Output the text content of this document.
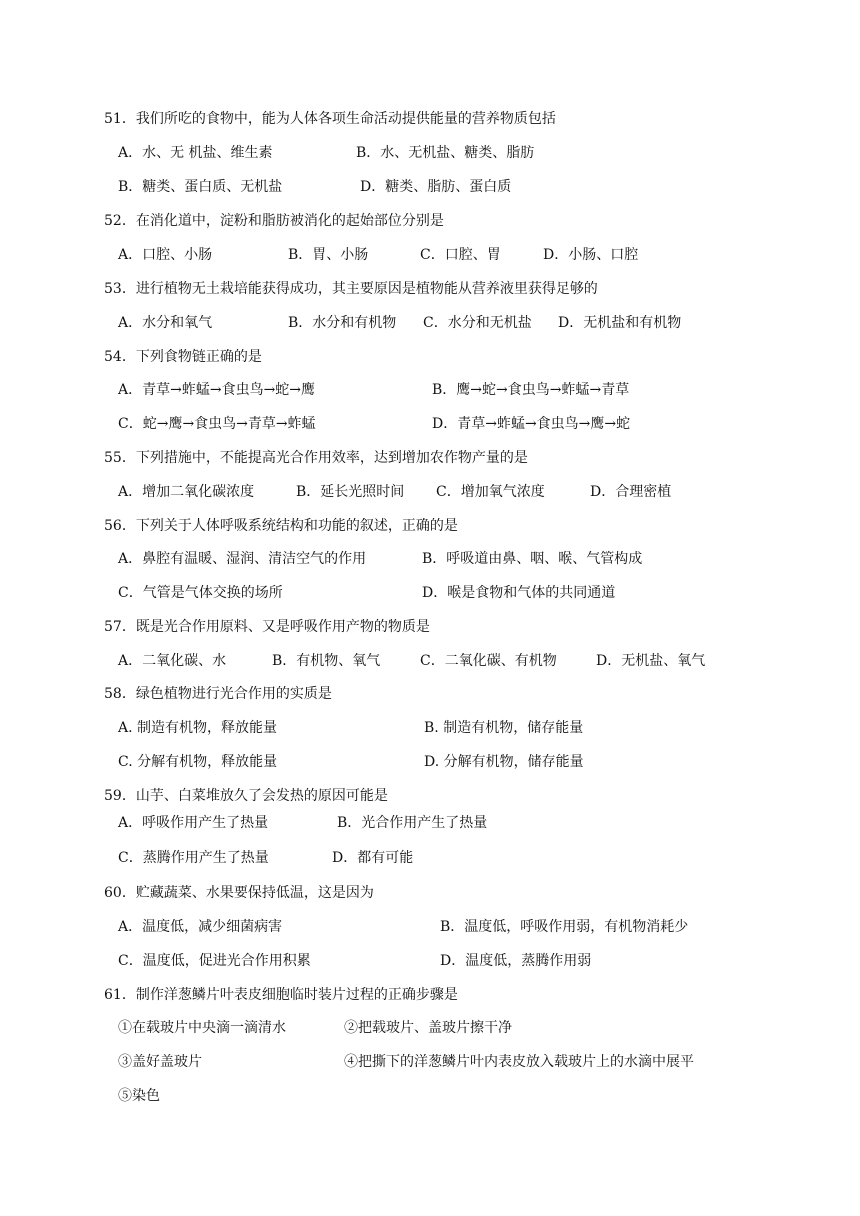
51．我们所吃的食物中，能为人体各项生命活动提供能量的营养物质包括
A．水、无 机盐、维生素	B．水、无机盐、糖类、脂肪
B．糖类、蛋白质、无机盐	D．糖类、脂肪、蛋白质
52．在消化道中，淀粉和脂肪被消化的起始部位分别是
A．口腔、小肠	B．胃、小肠	C．口腔、胃	D．小肠、口腔
53．进行植物无土栽培能获得成功，其主要原因是植物能从营养液里获得足够的
A．水分和氧气	B．水分和有机物 C．水分和无机盐 D．无机盐和有机物
54．下列食物链正确的是
A．青草→蚱蜢→食虫鸟→蛇→鹰	B．鹰→蛇→食虫鸟→蚱蜢→青草
C．蛇→鹰→食虫鸟→青草→蚱蜢	D．青草→蚱蜢→食虫鸟→鹰→蛇
55．下列措施中，不能提高光合作用效率，达到增加农作物产量的是
A．增加二氧化碳浓度	B．延长光照时间 C．增加氧气浓度	D．合理密植
56．下列关于人体呼吸系统结构和功能的叙述，正确的是
A．鼻腔有温暖、湿润、清洁空气的作用	B．呼吸道由鼻、咽、喉、气管构成
C．气管是气体交换的场所	D．喉是食物和气体的共同通道
57．既是光合作用原料、又是呼吸作用产物的物质是
A．二氧化碳、水	B．有机物、氧气	C．二氧化碳、有机物	D．无机盐、氧气
58．绿色植物进行光合作用的实质是
A. 制造有机物，释放能量	B. 制造有机物，储存能量
C. 分解有机物，释放能量	D. 分解有机物，储存能量
59．山芋、白菜堆放久了会发热的原因可能是
A．呼吸作用产生了热量	B．光合作用产生了热量
C．蒸腾作用产生了热量	D．都有可能
60．贮藏蔬菜、水果要保持低温，这是因为
A．温度低，减少细菌病害	B．温度低，呼吸作用弱，有机物消耗少
C．温度低，促进光合作用积累	D．温度低，蒸腾作用弱
61．制作洋葱鳞片叶表皮细胞临时装片过程的正确步骤是
①在载玻片中央滴一滴清水	②把载玻片、盖玻片擦干净
③盖好盖玻片	④把撕下的洋葱鳞片叶内表皮放入载玻片上的水滴中展平
⑤染色
